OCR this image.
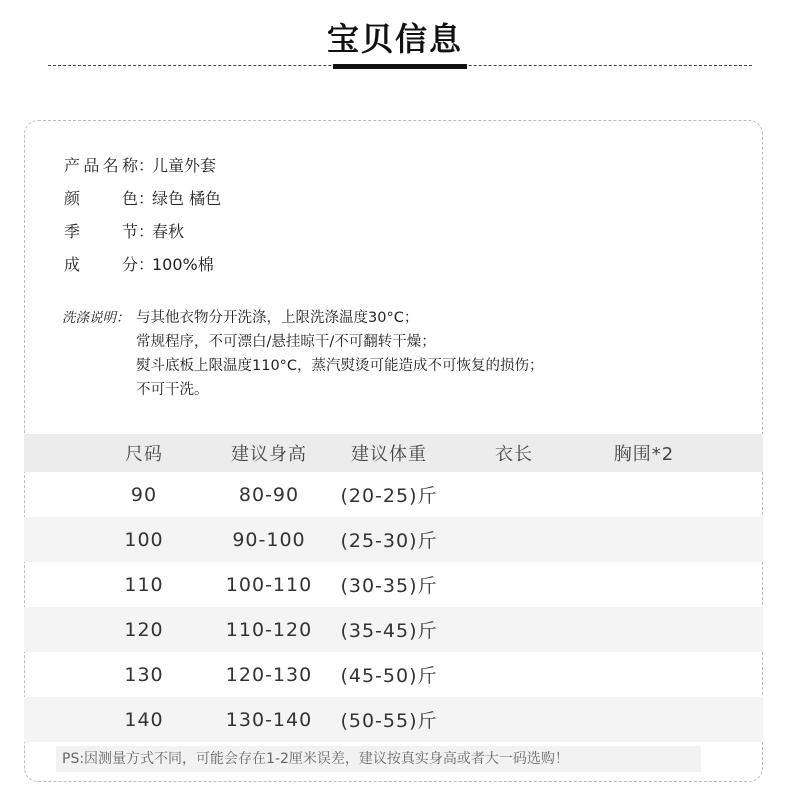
宝贝信息
产品名称 ：
儿童外套
颜色 ：
绿色 橘色
季节 ：
春秋
成分 ：
100%棉
洗涤说明： 与其他衣物分开洗涤，上限洗涤温度30°C；
常规程序，不可漂白/悬挂晾干/不可翻转干燥；
熨斗底板上限温度110°C，蒸汽熨烫可能造成不可恢复的损伤；
不可干洗。
尺码	建议身高	建议体重	衣长	胸围*2
90	80-90	(20-25)斤
100	90-100	(25-30)斤
110	100-110	(30-35)斤
120	110-120	(35-45)斤
130	120-130	(45-50)斤
140	130-140	(50-55)斤
PS:因测量方式不同，可能会存在1-2厘米误差，建议按真实身高或者大一码选购！
